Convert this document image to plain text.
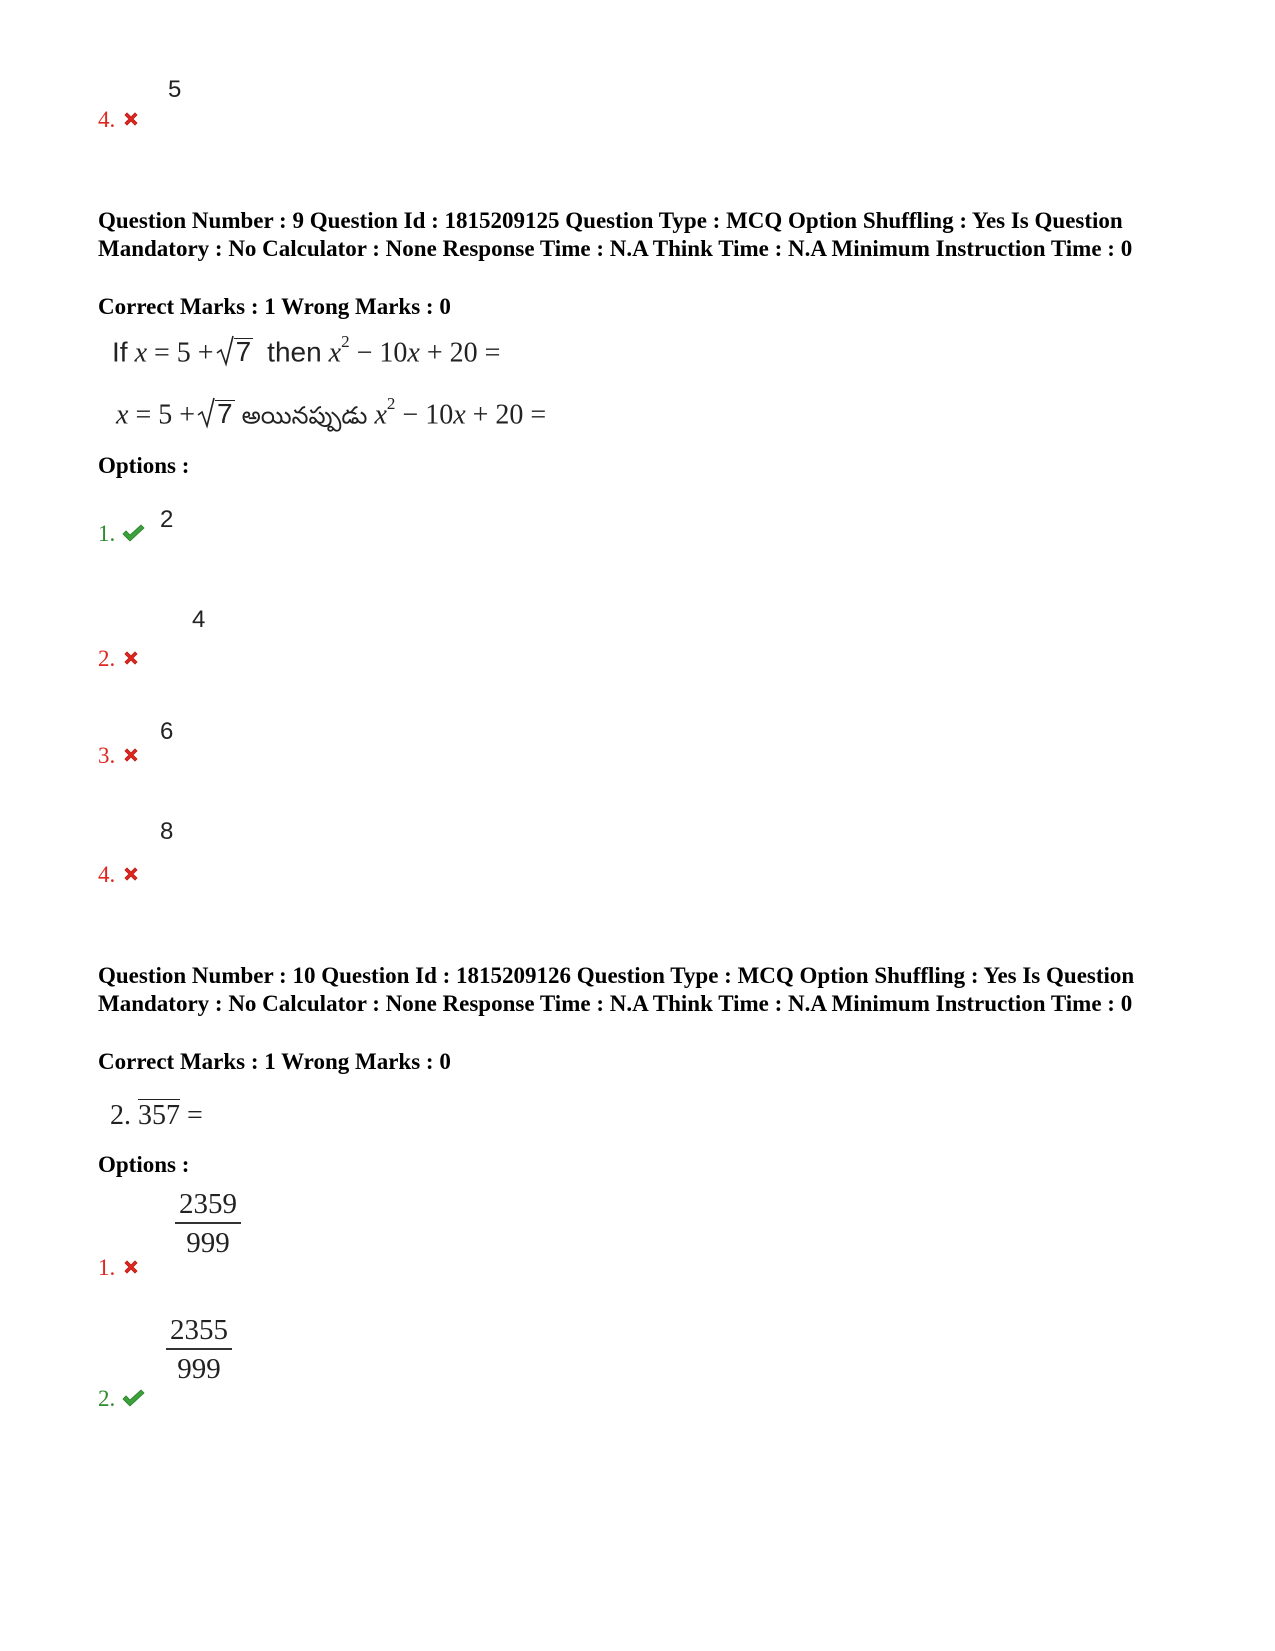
5
4.
Question Number : 9 Question Id : 1815209125 Question Type : MCQ Option Shuffling : Yes Is Question Mandatory : No Calculator : None Response Time : N.A Think Time : N.A Minimum Instruction Time : 0
Correct Marks : 1 Wrong Marks : 0
If x = 5 + 7 then $x^2 - 10x + 20$ =
x = 5 + 7 అయినప్పుడు $x^2 - 10x + 20$ =
Options :
1.
2
4
2.
6
3.
8
4.
Question Number : 10 Question Id : 1815209126 Question Type : MCQ Option Shuffling : Yes Is Question Mandatory : No Calculator : None Response Time : N.A Think Time : N.A Minimum Instruction Time : 0
Correct Marks : 1 Wrong Marks : 0
2. 357 =
Options :
$\frac{2359}{999}$
1.
$\frac{2355}{999}$
2.
